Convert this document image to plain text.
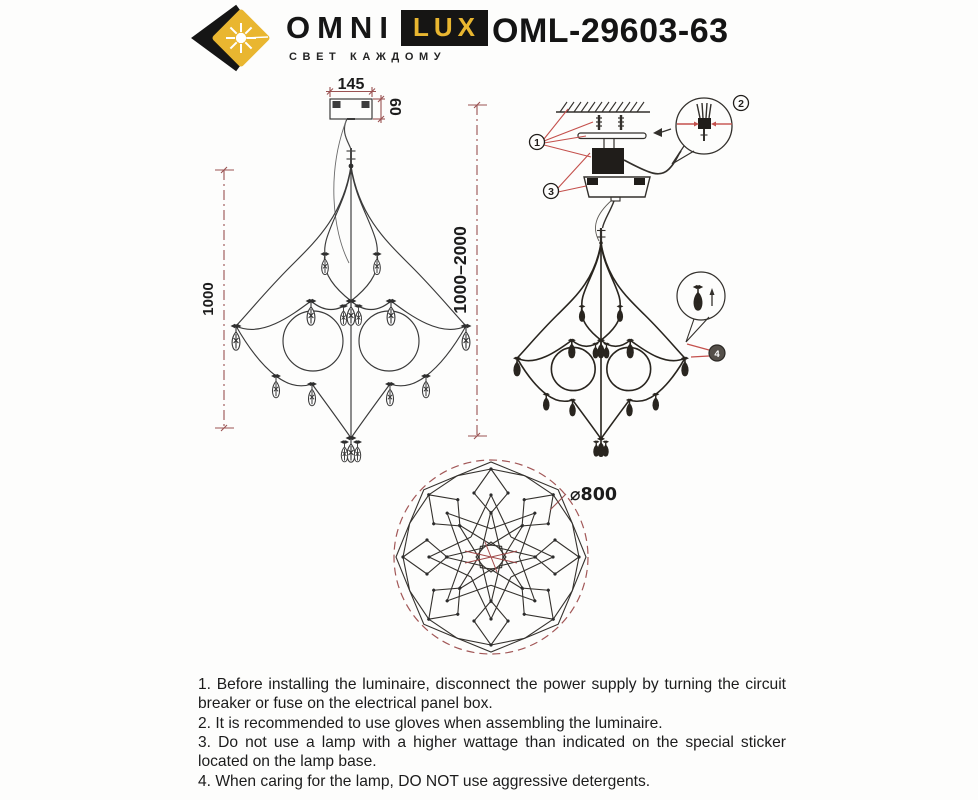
OMNI LUX
СВЕТ КАЖДОМУ
OML-29603-63
145
60
1000	1000–2000
2
1
3
4
⌀800

1. Before installing the luminaire, disconnect the power supply by turning the circuit breaker or fuse on the electrical panel box.

2. It is recommended to use gloves when assembling the luminaire.

3. Do not use a lamp with a higher wattage than indicated on the special sticker located on the lamp base.

4. When caring for the lamp, DO NOT use aggressive detergents.
